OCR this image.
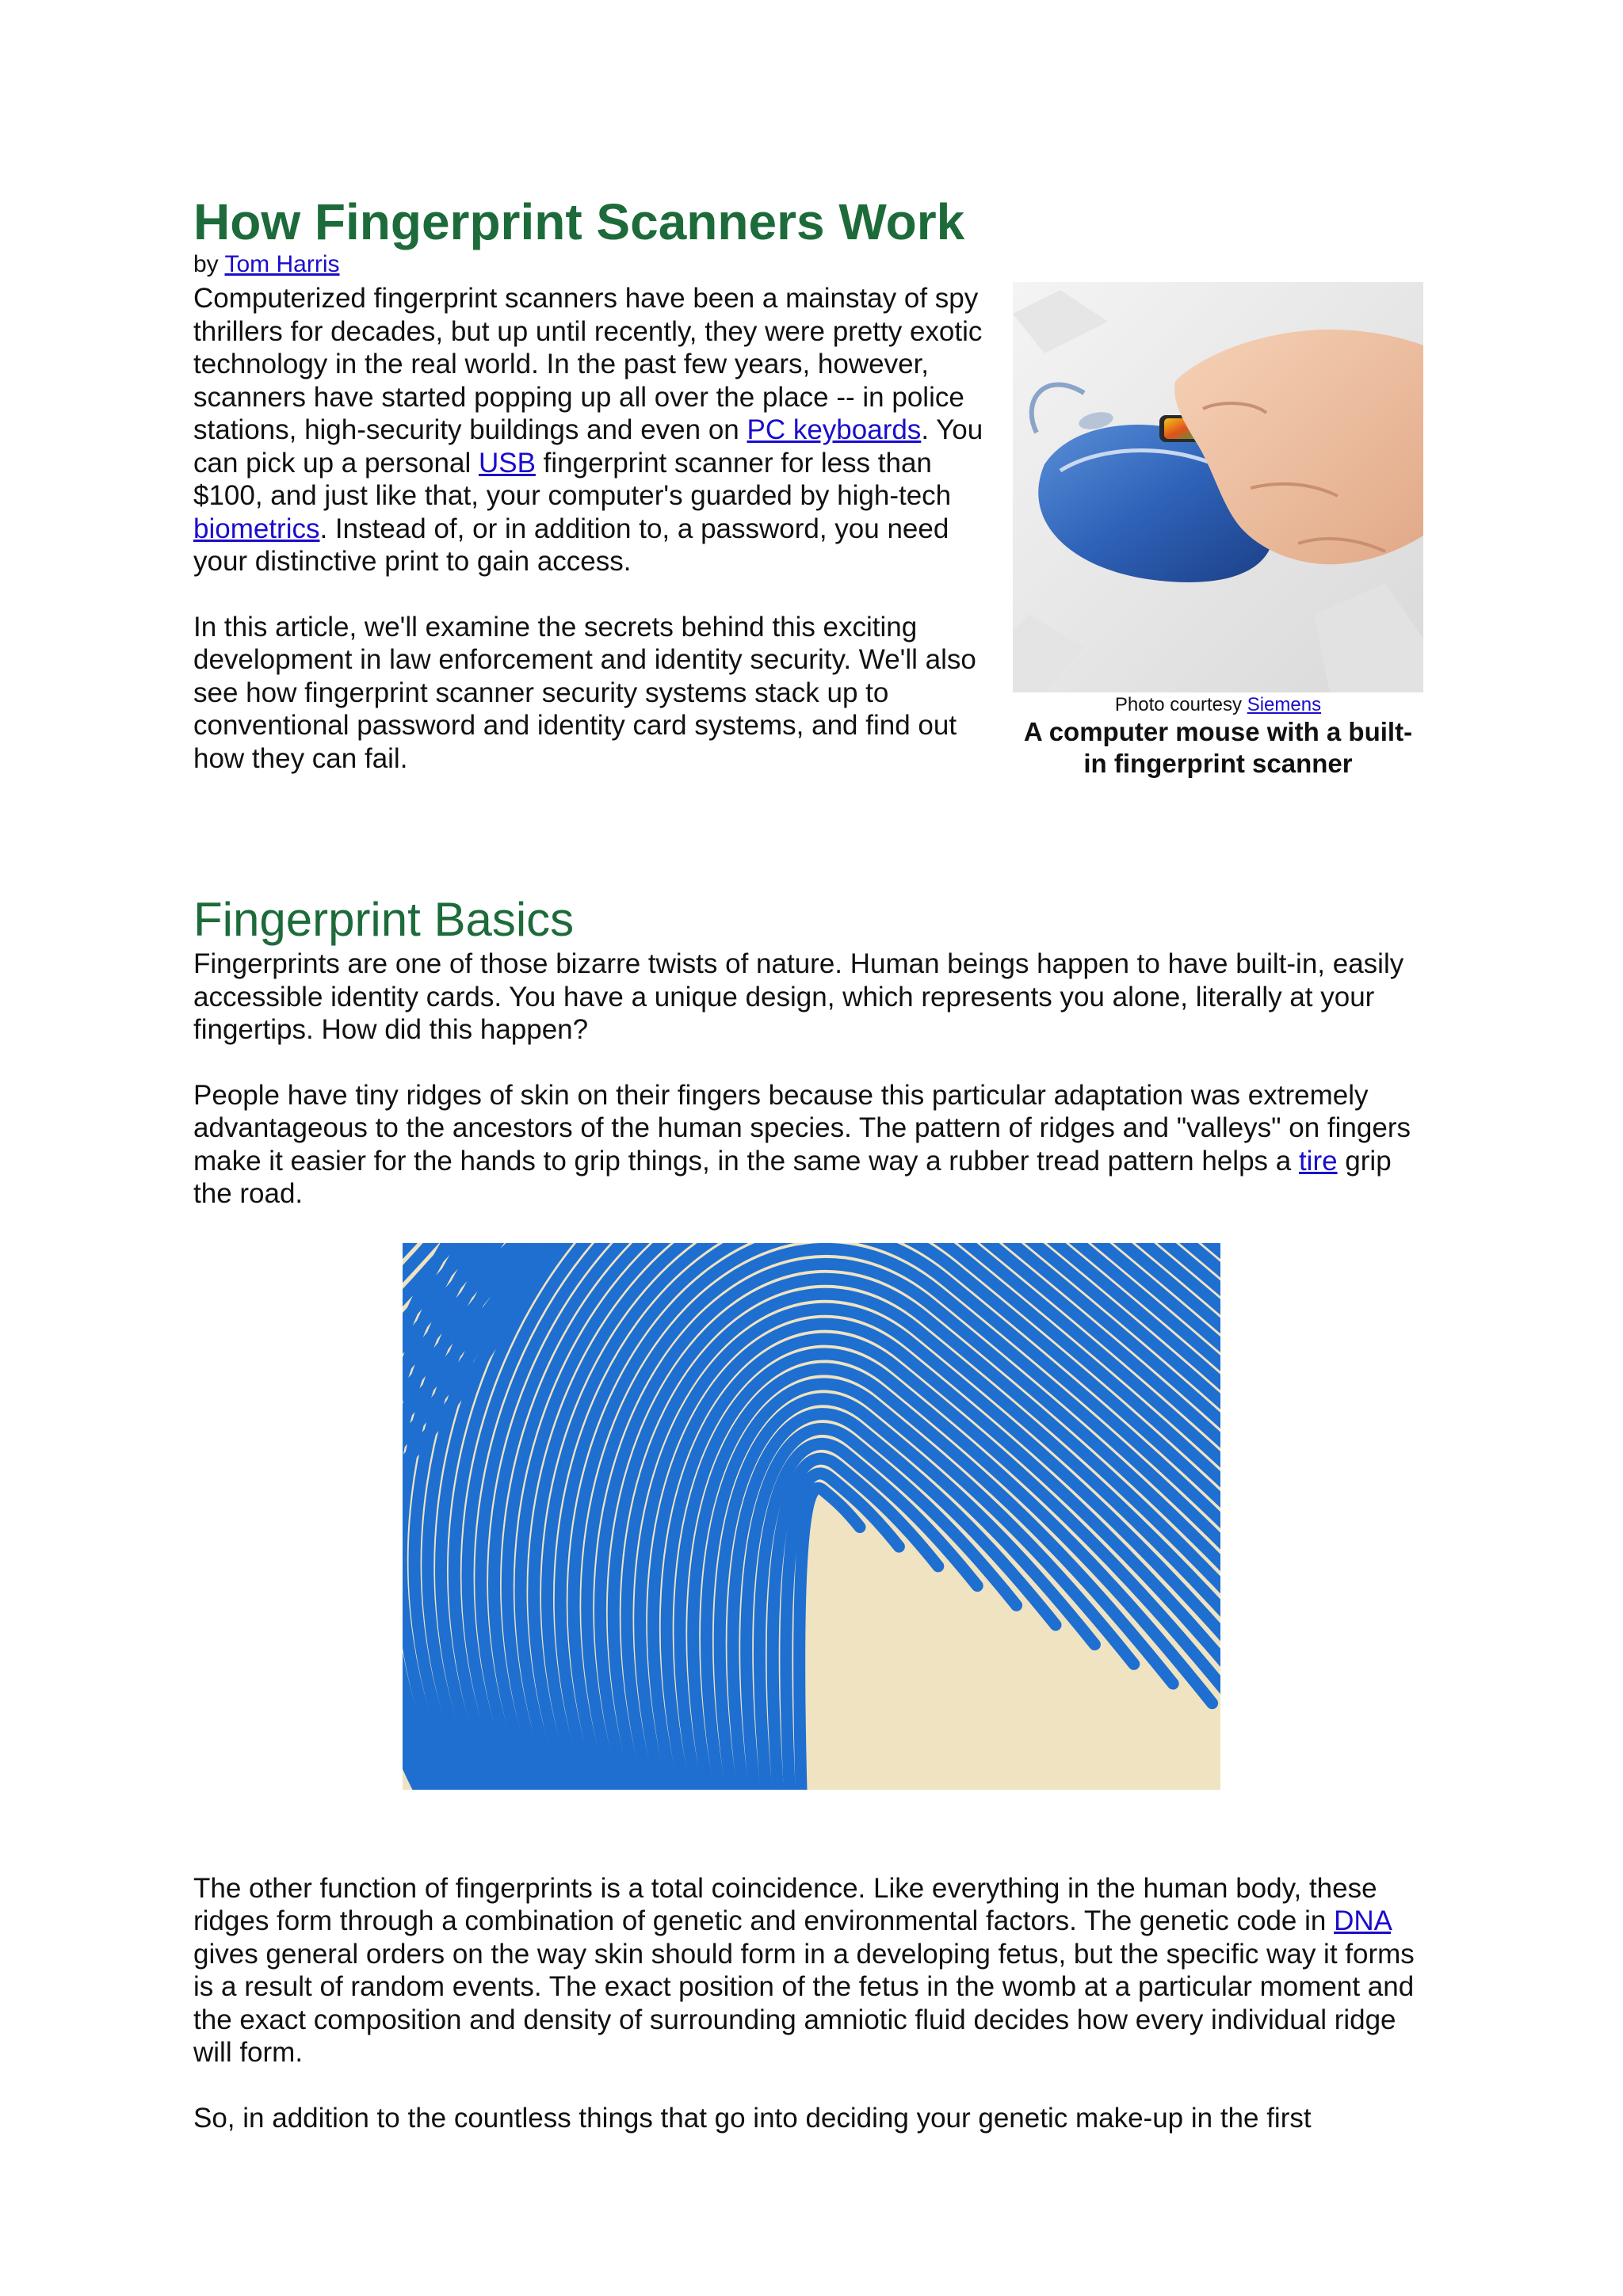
How Fingerprint Scanners Work
by Tom Harris

Computerized fingerprint scanners have been a mainstay of spy thrillers for decades, but up until recently, they were pretty exotic technology in the real world. In the past few years, however, scanners have started popping up all over the place -- in police stations, high-security buildings and even on PC keyboards. You can pick up a personal USB fingerprint scanner for less than $100, and just like that, your computer's guarded by high-tech biometrics. Instead of, or in addition to, a password, you need your distinctive print to gain access.

In this article, we'll examine the secrets behind this exciting development in law enforcement and identity security. We'll also see how fingerprint scanner security systems stack up to conventional password and identity card systems, and find out how they can fail.

Photo courtesy Siemens
A computer mouse with a built-in fingerprint scanner
Fingerprint Basics

Fingerprints are one of those bizarre twists of nature. Human beings happen to have built-in, easily accessible identity cards. You have a unique design, which represents you alone, literally at your fingertips. How did this happen?

People have tiny ridges of skin on their fingers because this particular adaptation was extremely advantageous to the ancestors of the human species. The pattern of ridges and "valleys" on fingers make it easier for the hands to grip things, in the same way a rubber tread pattern helps a tire grip the road.

The other function of fingerprints is a total coincidence. Like everything in the human body, these ridges form through a combination of genetic and environmental factors. The genetic code in DNA gives general orders on the way skin should form in a developing fetus, but the specific way it forms is a result of random events. The exact position of the fetus in the womb at a particular moment and the exact composition and density of surrounding amniotic fluid decides how every individual ridge will form.

So, in addition to the countless things that go into deciding your genetic make-up in the first
